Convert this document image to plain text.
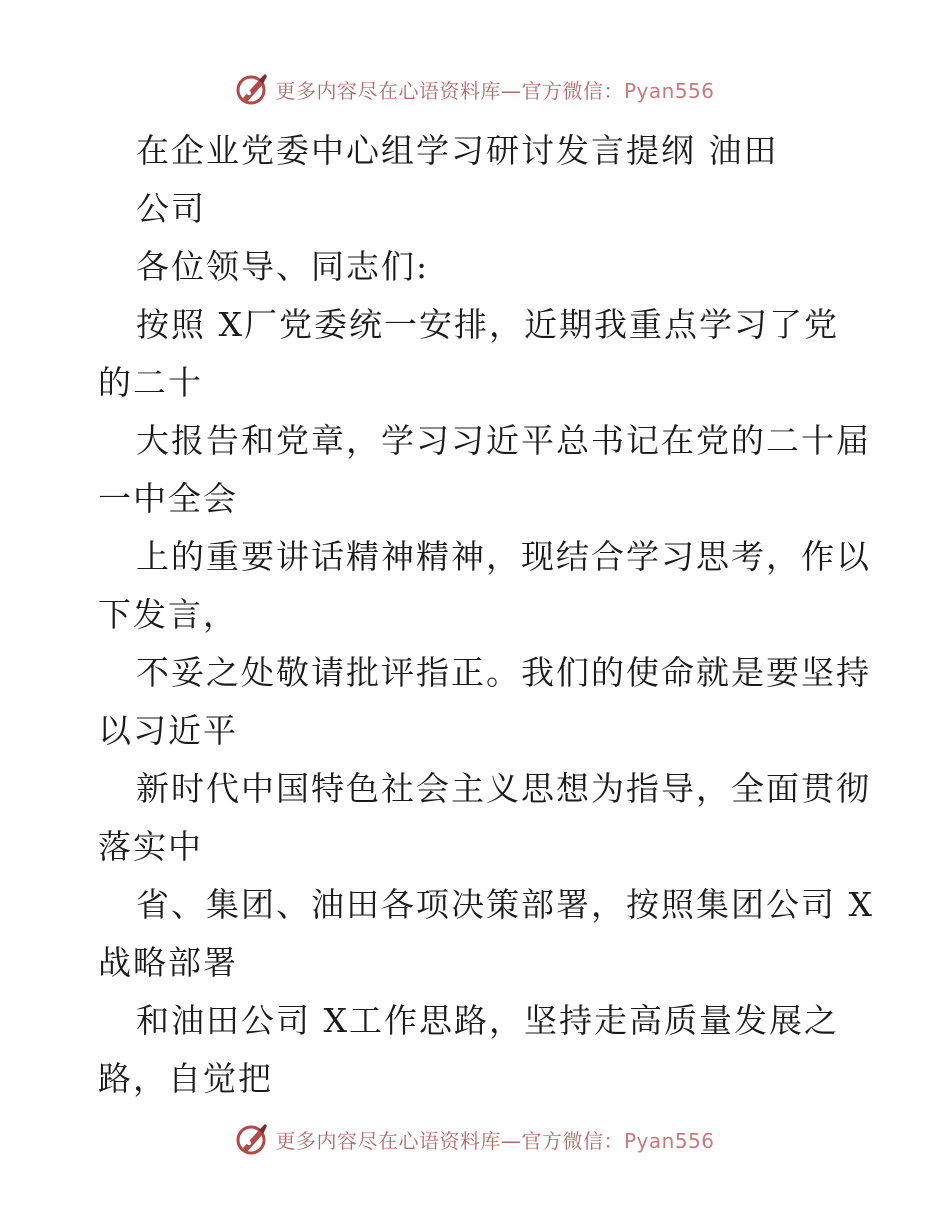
更多内容尽在心语资料库—官方微信：Pyan556
在企业党委中心组学习研讨发言提纲 油田
公司
各位领导、同志们:
按照 X厂党委统一安排，近期我重点学习了党
的二十
大报告和党章，学习习近平总书记在党的二十届
一中全会
上的重要讲话精神精神，现结合学习思考，作以
下发言，
不妥之处敬请批评指正。我们的使命就是要坚持
以习近平
新时代中国特色社会主义思想为指导，全面贯彻
落实中
省、集团、油田各项决策部署，按照集团公司 X
战略部署
和油田公司 X工作思路，坚持走高质量发展之
路，自觉把
更多内容尽在心语资料库—官方微信：Pyan556
